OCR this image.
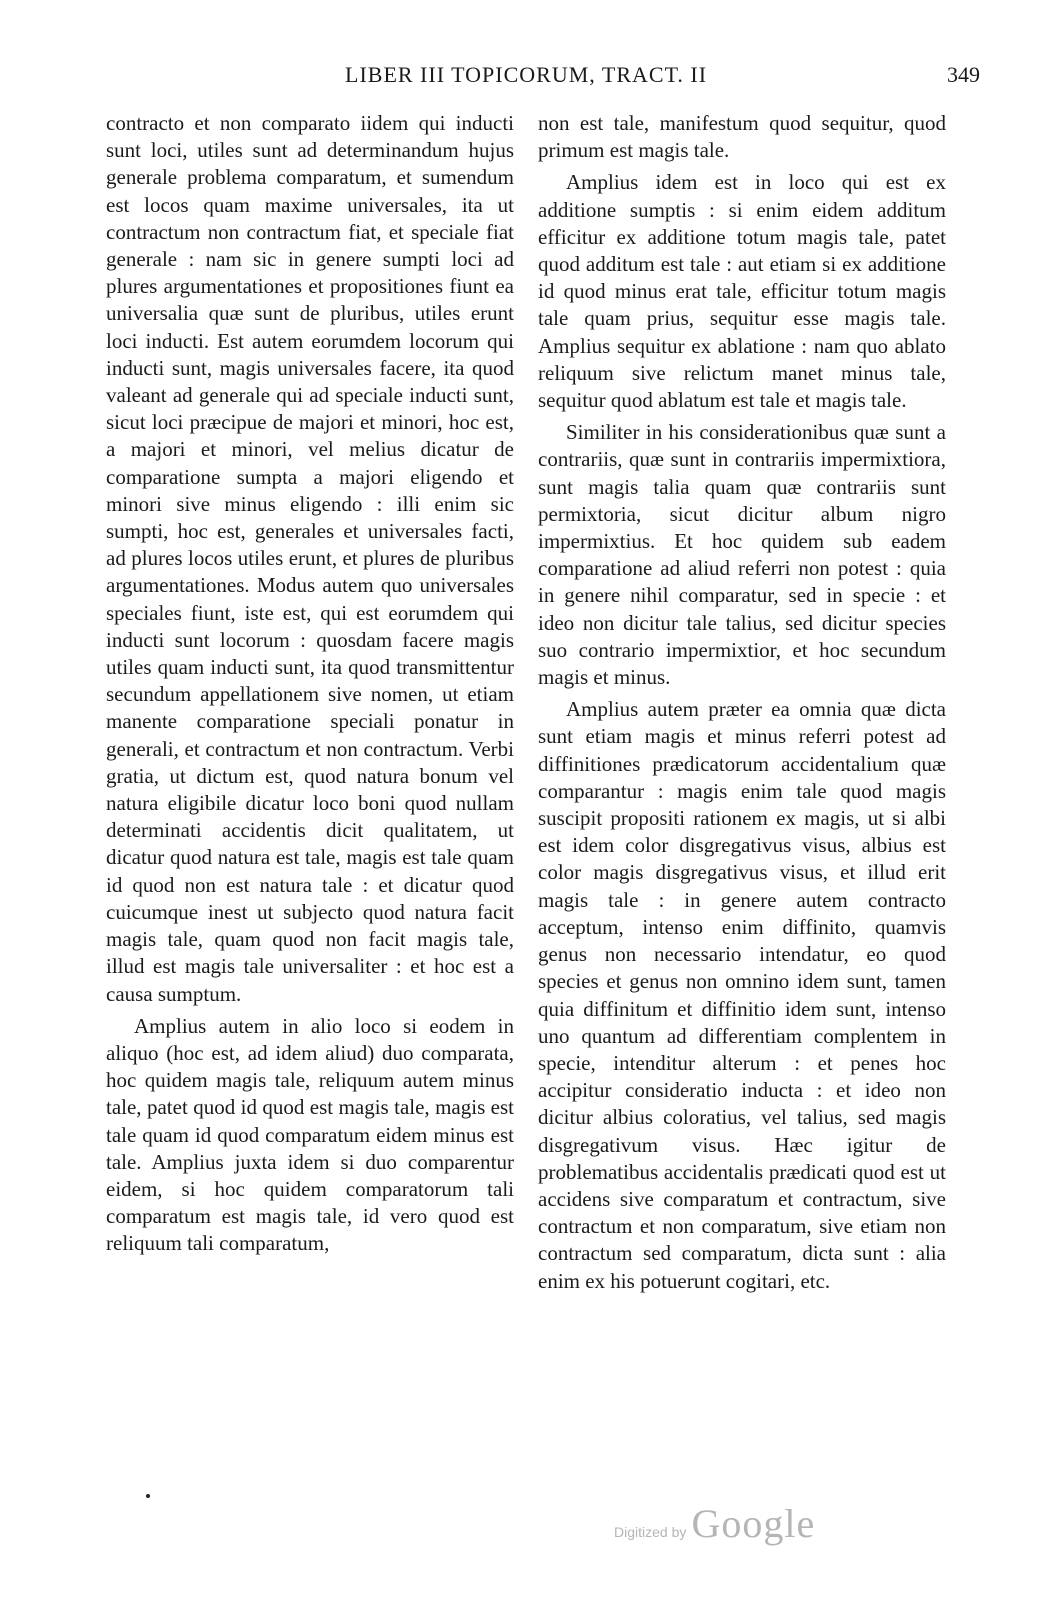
LIBER III TOPICORUM, TRACT. II	349

contracto et non comparato iidem qui inducti sunt loci, utiles sunt ad determinandum hujus generale problema comparatum, et sumendum est locos quam maxime universales, ita ut contractum non contractum fiat, et speciale fiat generale : nam sic in genere sumpti loci ad plures argumentationes et propositiones fiunt ea universalia quæ sunt de pluribus, utiles erunt loci inducti. Est autem eorumdem locorum qui inducti sunt, magis universales facere, ita quod valeant ad generale qui ad speciale inducti sunt, sicut loci præcipue de majori et minori, hoc est, a majori et minori, vel melius dicatur de comparatione sumpta a majori eligendo et minori sive minus eligendo : illi enim sic sumpti, hoc est, generales et universales facti, ad plures locos utiles erunt, et plures de pluribus argumentationes. Modus autem quo universales speciales fiunt, iste est, qui est eorumdem qui inducti sunt locorum : quosdam facere magis utiles quam inducti sunt, ita quod transmittentur secundum appellationem sive nomen, ut etiam manente comparatione speciali ponatur in generali, et contractum et non contractum. Verbi gratia, ut dictum est, quod natura bonum vel natura eligibile dicatur loco boni quod nullam determinati accidentis dicit qualitatem, ut dicatur quod natura est tale, magis est tale quam id quod non est natura tale : et dicatur quod cuicumque inest ut subjecto quod natura facit magis tale, quam quod non facit magis tale, illud est magis tale universaliter : et hoc est a causa sumptum.

Amplius autem in alio loco si eodem in aliquo (hoc est, ad idem aliud) duo comparata, hoc quidem magis tale, reliquum autem minus tale, patet quod id quod est magis tale, magis est tale quam id quod comparatum eidem minus est tale. Amplius juxta idem si duo comparentur eidem, si hoc quidem comparatorum tali comparatum est magis tale, id vero quod est reliquum tali comparatum,

non est tale, manifestum quod sequitur, quod primum est magis tale.

Amplius idem est in loco qui est ex additione sumptis : si enim eidem additum efficitur ex additione totum magis tale, patet quod additum est tale : aut etiam si ex additione id quod minus erat tale, efficitur totum magis tale quam prius, sequitur esse magis tale. Amplius sequitur ex ablatione : nam quo ablato reliquum sive relictum manet minus tale, sequitur quod ablatum est tale et magis tale.

Similiter in his considerationibus quæ sunt a contrariis, quæ sunt in contrariis impermixtiora, sunt magis talia quam quæ contrariis sunt permixtoria, sicut dicitur album nigro impermixtius. Et hoc quidem sub eadem comparatione ad aliud referri non potest : quia in genere nihil comparatur, sed in specie : et ideo non dicitur tale talius, sed dicitur species suo contrario impermixtior, et hoc secundum magis et minus.

Amplius autem præter ea omnia quæ dicta sunt etiam magis et minus referri potest ad diffinitiones prædicatorum accidentalium quæ comparantur : magis enim tale quod magis suscipit propositi rationem ex magis, ut si albi est idem color disgregativus visus, albius est color magis disgregativus visus, et illud erit magis tale : in genere autem contracto acceptum, intenso enim diffinito, quamvis genus non necessario intendatur, eo quod species et genus non omnino idem sunt, tamen quia diffinitum et diffinitio idem sunt, intenso uno quantum ad differentiam complentem in specie, intenditur alterum : et penes hoc accipitur consideratio inducta : et ideo non dicitur albius coloratius, vel talius, sed magis disgregativum visus. Hæc igitur de problematibus accidentalis prædicati quod est ut accidens sive comparatum et contractum, sive contractum et non comparatum, sive etiam non contractum sed comparatum, dicta sunt : alia enim ex his potuerunt cogitari, etc.

Digitized by Google
